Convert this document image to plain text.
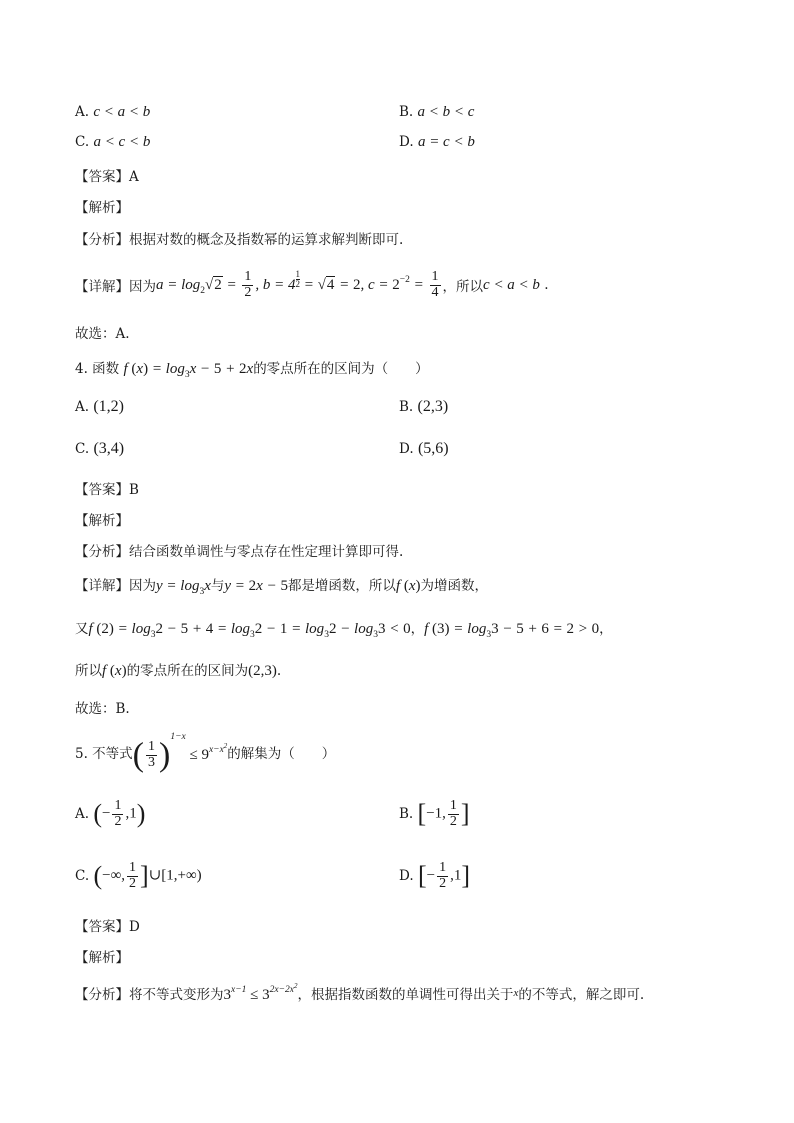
A. c < a < b	B. a < b < c
C. a < c < b	D. a = c < b
【答案】A
【解析】
【分析】根据对数的概念及指数幂的运算求解判断即可.
【详解】因为 $a = \log_2√2 = \frac{1}{2}$ , $b = 4 \frac{1}{2} = √4 = 2$, $c = 2^{-2} = \frac{1}{4}$ ，所以 c < a < b .
故选：A.
4. 函数 f $(x) = \log_3x - 5 + 2x$的零点所在的区间为（　　）
A. (1,2)	B. (2,3)
C. (3,4)	D. (5,6)
【答案】B
【解析】
【分析】结合函数单调性与零点存在性定理计算即可得.
【详解】因为$y = \log_3x$与y = 2x − 5都是增函数，所以f (x)为增函数，
又f $(2) = \log_32 - 5 + 4 = \log_32 - 1 = \log_32 - \log_33 < 0$，f $(3) = \log_33 - 5 + 6 = 2 > 0$，
所以f (x)的零点所在的区间为(2,3).
故选：B.
5. 不等式 ( $\frac{1}{3} )^{1-x} \le 9^{x-x^2}$
的解集为（　　）
A.
(− $\frac{1}{2} ,1$)	B.
[−1, $\frac{1}{2}$ ]
C.
(−∞, $\frac{1}{2}$ ]∪[1,+∞)	D.
[− $\frac{1}{2} ,1$]
【答案】D
【解析】
【分析】将不等式变形为$3^{x-1} \le 3^{2x-2x^2}$，根据指数函数的单调性可得出关于$^x$的不等式，解之即可.
